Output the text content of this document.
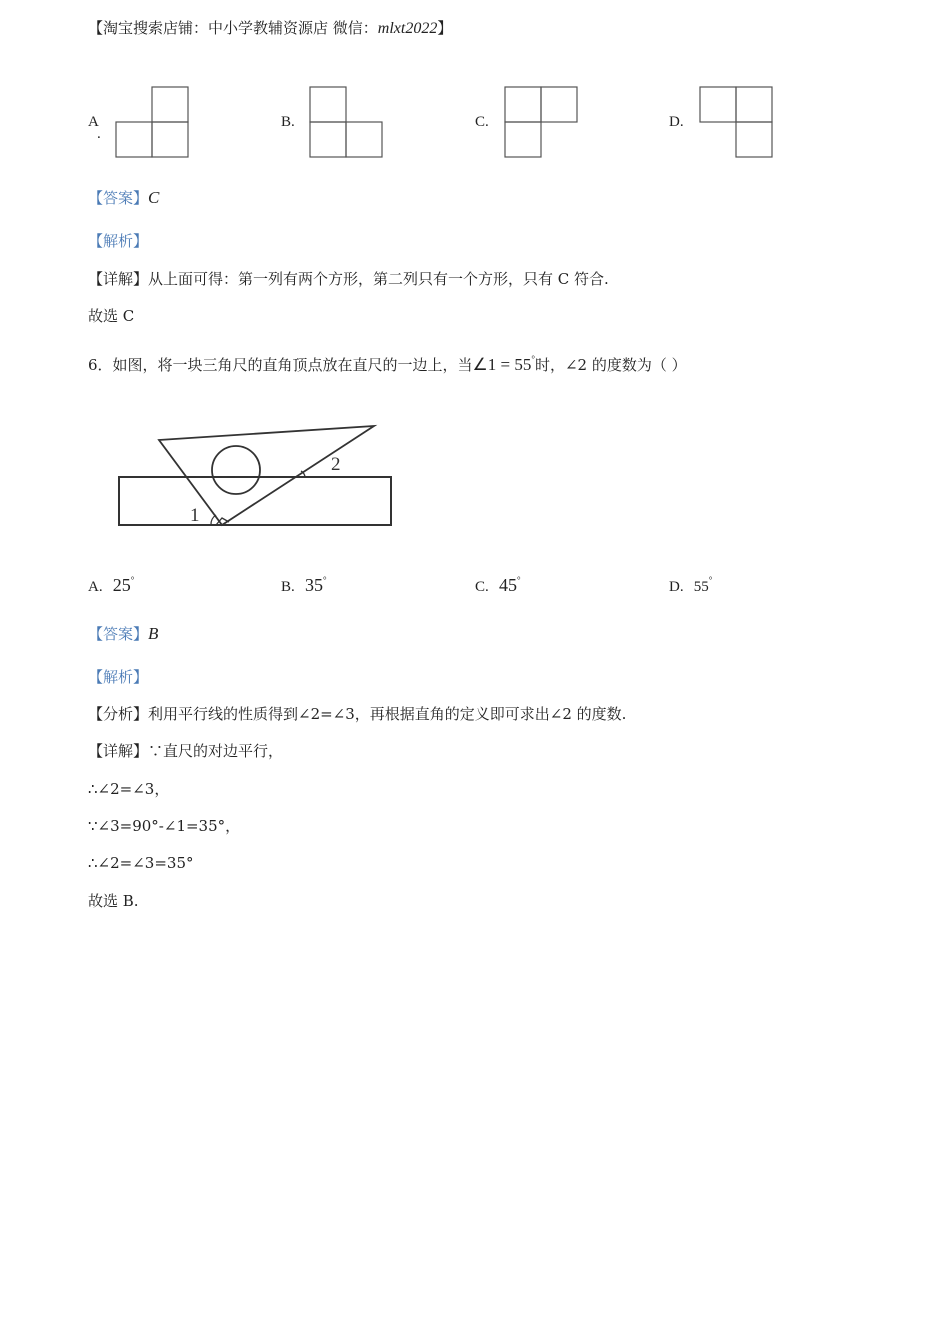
【淘宝搜索店铺：中小学教辅资源店 微信：mlxt2022】
A
.
B.	C.	D.
【答案】C
【解析】
【详解】从上面可得：第一列有两个方形，第二列只有一个方形，只有 C 符合.
故选 C
6．如图，将一块三角尺的直角顶点放在直尺的一边上，当∠1 = 55°时，∠2 的度数为（ ）
1
2
A. 25°	B. 35°	C. 45°	D. 55°
【答案】B
【解析】
【分析】利用平行线的性质得到∠2=∠3，再根据直角的定义即可求出∠2 的度数.
【详解】∵直尺的对边平行，
∴∠2=∠3，
∵∠3=90°-∠1=35°，
∴∠2=∠3=35°
故选 B.
